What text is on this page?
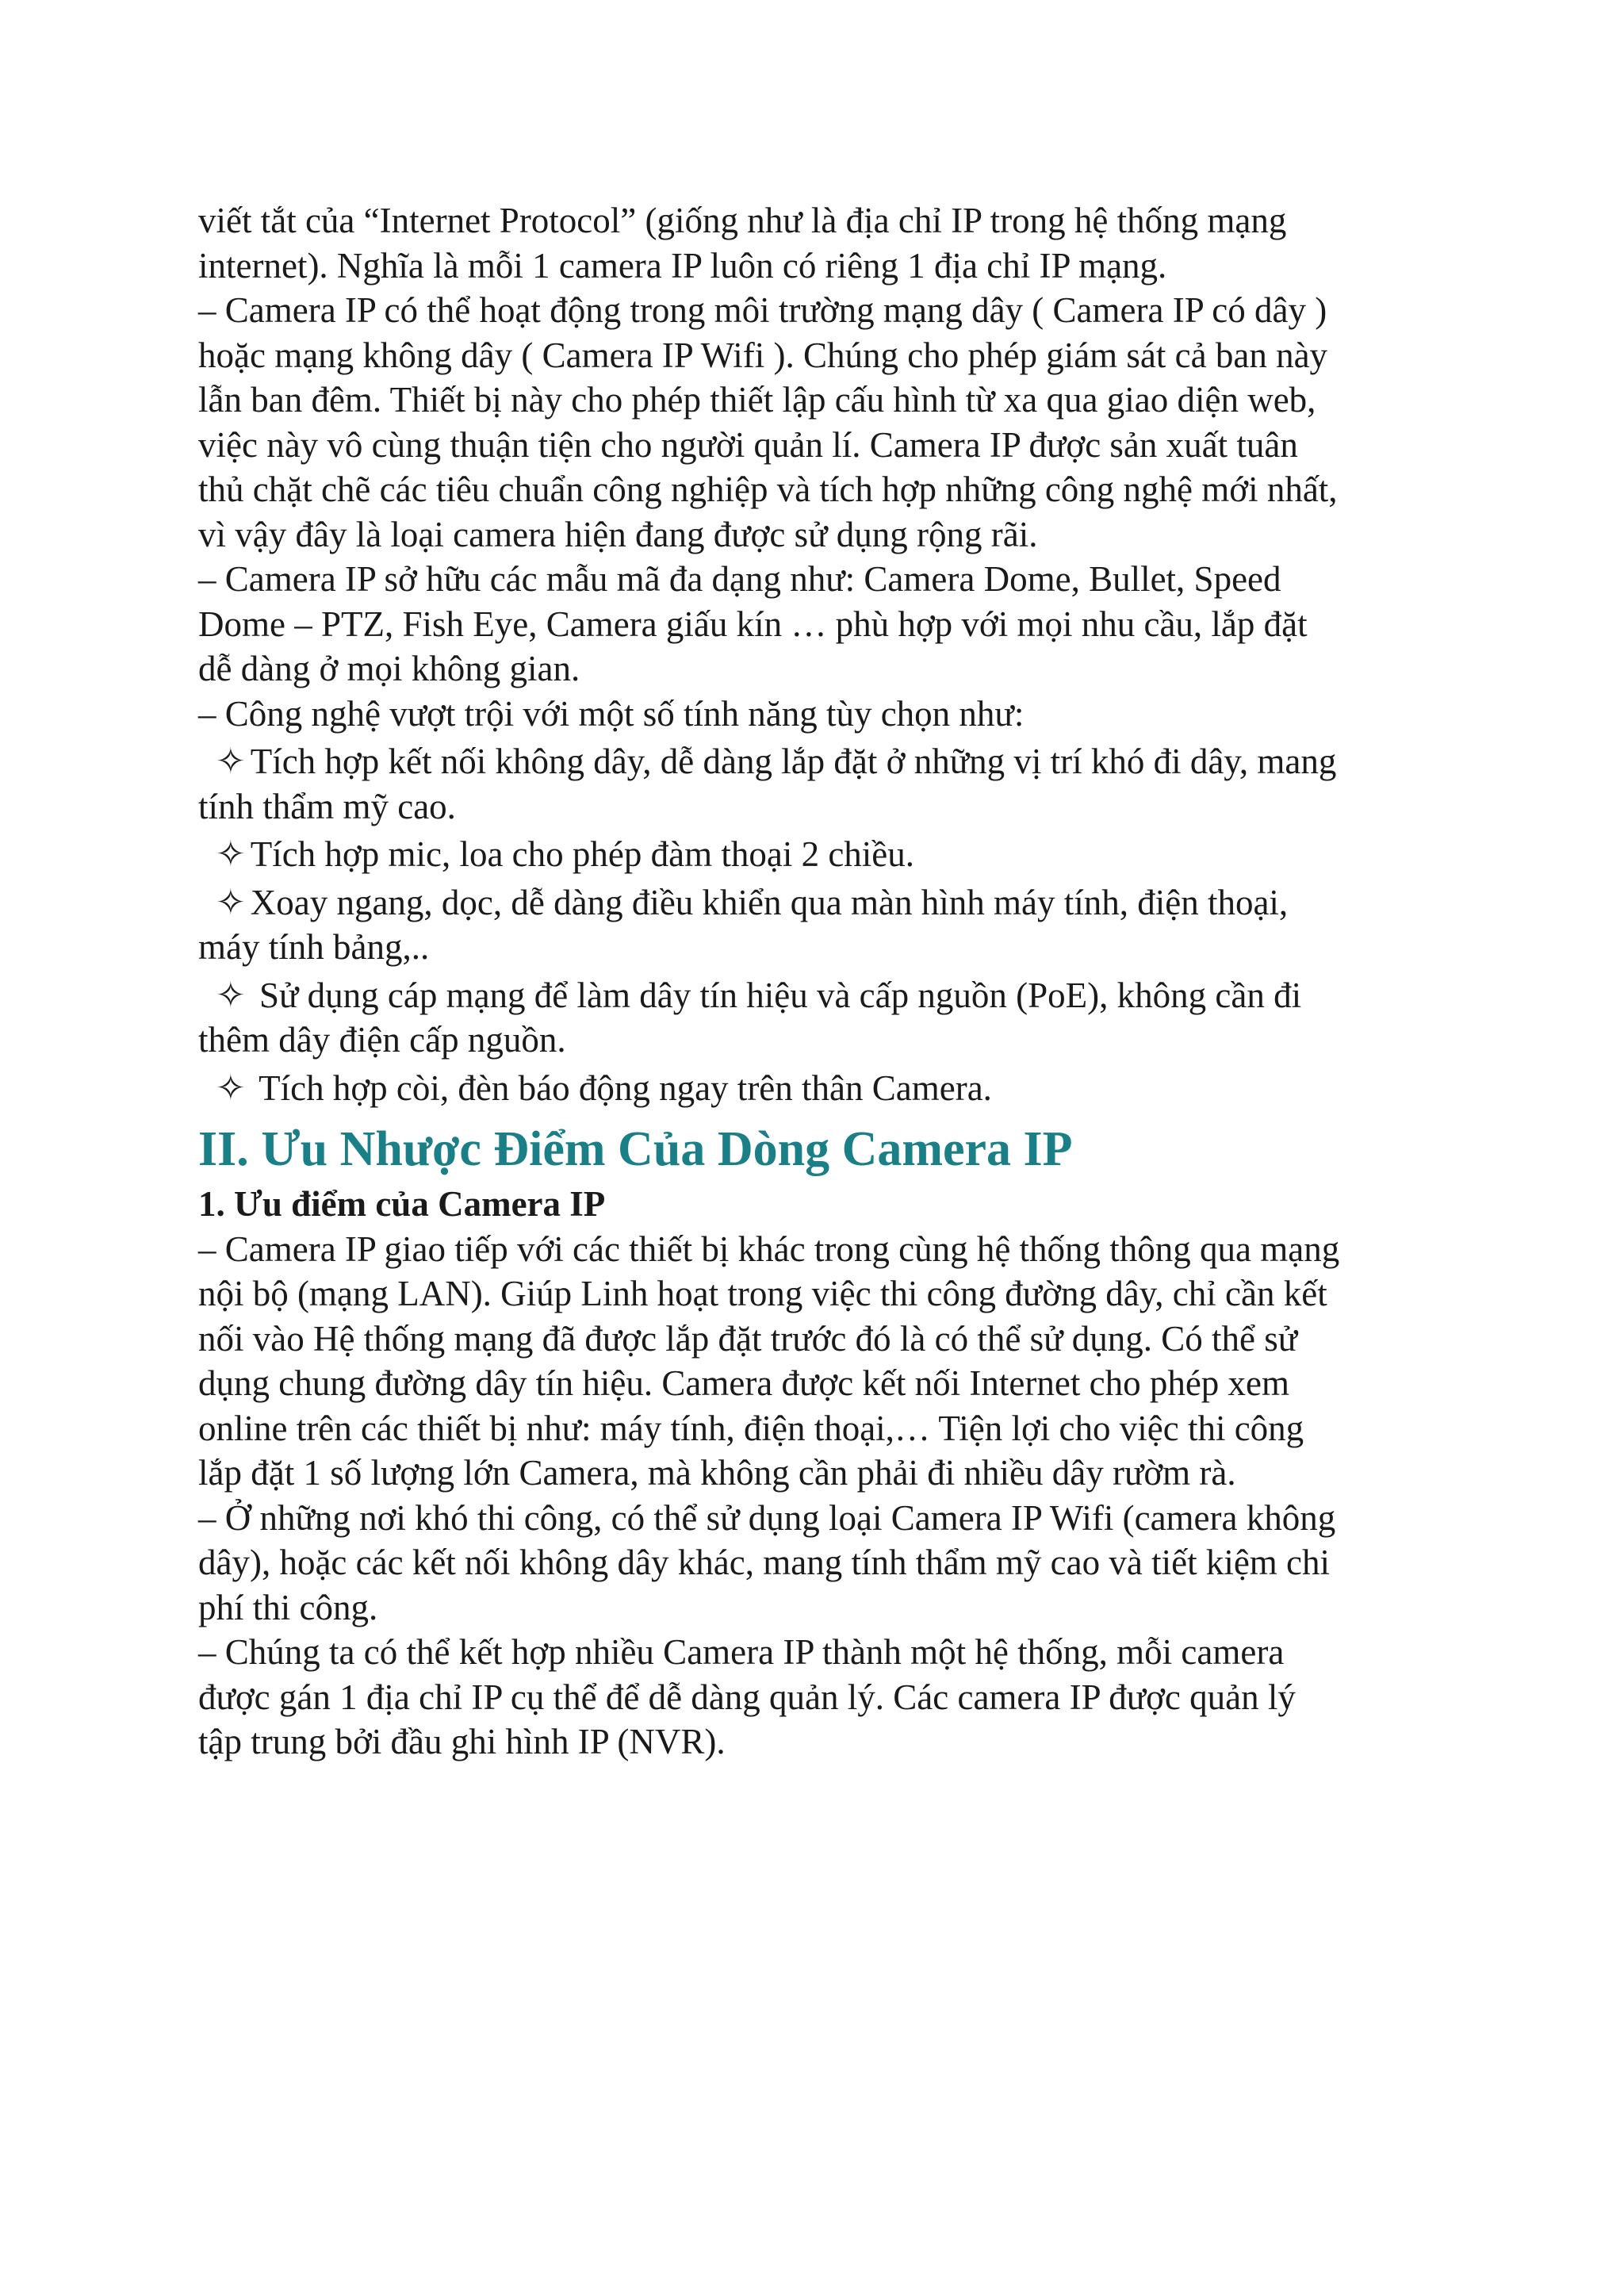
viết tắt của “Internet Protocol” (giống như là địa chỉ IP trong hệ thống mạng
internet). Nghĩa là mỗi 1 camera IP luôn có riêng 1 địa chỉ IP mạng.
– Camera IP có thể hoạt động trong môi trường mạng dây ( Camera IP có dây )
hoặc mạng không dây ( Camera IP Wifi ). Chúng cho phép giám sát cả ban này
lẫn ban đêm. Thiết bị này cho phép thiết lập cấu hình từ xa qua giao diện web,
việc này vô cùng thuận tiện cho người quản lí. Camera IP được sản xuất tuân
thủ chặt chẽ các tiêu chuẩn công nghiệp và tích hợp những công nghệ mới nhất,
vì vậy đây là loại camera hiện đang được sử dụng rộng rãi.
– Camera IP sở hữu các mẫu mã đa dạng như: Camera Dome, Bullet, Speed
Dome – PTZ, Fish Eye, Camera giấu kín … phù hợp với mọi nhu cầu, lắp đặt
dễ dàng ở mọi không gian.
– Công nghệ vượt trội với một số tính năng tùy chọn như:
✧ Tích hợp kết nối không dây, dễ dàng lắp đặt ở những vị trí khó đi dây, mang
tính thẩm mỹ cao.
✧ Tích hợp mic, loa cho phép đàm thoại 2 chiều.
✧ Xoay ngang, dọc, dễ dàng điều khiển qua màn hình máy tính, điện thoại,
máy tính bảng,..
✧ Sử dụng cáp mạng để làm dây tín hiệu và cấp nguồn (PoE), không cần đi
thêm dây điện cấp nguồn.
✧ Tích hợp còi, đèn báo động ngay trên thân Camera.
II. Ưu Nhược Điểm Của Dòng Camera IP
1. Ưu điểm của Camera IP
– Camera IP giao tiếp với các thiết bị khác trong cùng hệ thống thông qua mạng
nội bộ (mạng LAN). Giúp Linh hoạt trong việc thi công đường dây, chỉ cần kết
nối vào Hệ thống mạng đã được lắp đặt trước đó là có thể sử dụng. Có thể sử
dụng chung đường dây tín hiệu. Camera được kết nối Internet cho phép xem
online trên các thiết bị như: máy tính, điện thoại,… Tiện lợi cho việc thi công
lắp đặt 1 số lượng lớn Camera, mà không cần phải đi nhiều dây rườm rà.
– Ở những nơi khó thi công, có thể sử dụng loại Camera IP Wifi (camera không
dây), hoặc các kết nối không dây khác, mang tính thẩm mỹ cao và tiết kiệm chi
phí thi công.
– Chúng ta có thể kết hợp nhiều Camera IP thành một hệ thống, mỗi camera
được gán 1 địa chỉ IP cụ thể để dễ dàng quản lý. Các camera IP được quản lý
tập trung bởi đầu ghi hình IP (NVR).
